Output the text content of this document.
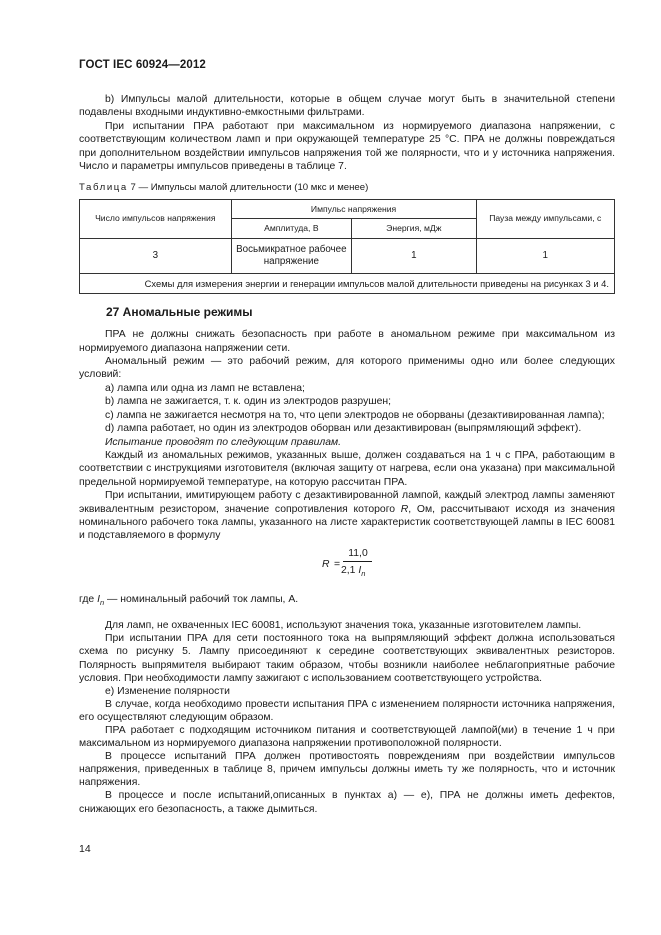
ГОСТ IEC 60924—2012

b) Импульсы малой длительности, которые в общем случае могут быть в значительной степени подавлены входными индуктивно-емкостными фильтрами.

При испытании ПРА работают при максимальном из нормируемого диапазона напряжении, с соответствующим количеством ламп и при окружающей температуре 25 °С. ПРА не должны повреждаться при дополнительном воздействии импульсов напряжения той же полярности, что и у источника напряжения. Число и параметры импульсов приведены в таблице 7.

Таблица 7 — Импульсы малой длительности (10 мкс и менее)
Число импульсов напряжения	Импульс напряжения		Пауза между импульсами, с
	Амплитуда, В	Энергия, мДж	
3	Восьмикратное рабочее напряжение	1	1
Схемы для измерения энергии и генерации импульсов малой длительности приведены на рисунках 3 и 4.			
27 Аномальные режимы

ПРА не должны снижать безопасность при работе в аномальном режиме при максимальном из нормируемого диапазона напряжении сети.

Аномальный режим — это рабочий режим, для которого применимы одно или более следующих условий:

a) лампа или одна из ламп не вставлена;

b) лампа не зажигается, т. к. один из электродов разрушен;

c) лампа не зажигается несмотря на то, что цепи электродов не оборваны (дезактивированная лампа);

d) лампа работает, но один из электродов оборван или дезактивирован (выпрямляющий эффект).

Испытание проводят по следующим правилам.

Каждый из аномальных режимов, указанных выше, должен создаваться на 1 ч с ПРА, работающим в соответствии с инструкциями изготовителя (включая защиту от нагрева, если она указана) при максимальной предельной нормируемой температуре, на которую рассчитан ПРА.

При испытании, имитирующем работу с дезактивированной лампой, каждый электрод лампы заменяют эквивалентным резистором, значение сопротивления которого R, Ом, рассчитывают исходя из значения номинального рабочего тока лампы, указанного на листе характеристик соответствующей лампы в IEC 60081 и подставляемого в формулу

R =
11,0
2,1 $I_n$

где $I_n$ — номинальный рабочий ток лампы, А.

Для ламп, не охваченных IEC 60081, используют значения тока, указанные изготовителем лампы.

При испытании ПРА для сети постоянного тока на выпрямляющий эффект должна использоваться схема по рисунку 5. Лампу присоединяют к середине соответствующих эквивалентных резисторов. Полярность выпрямителя выбирают таким образом, чтобы возникли наиболее неблагоприятные рабочие условия. При необходимости лампу зажигают с использованием соответствующего устройства.

e) Изменение полярности

В случае, когда необходимо провести испытания ПРА с изменением полярности источника напряжения, его осуществляют следующим образом.

ПРА работает с подходящим источником питания и соответствующей лампой(ми) в течение 1 ч при максимальном из нормируемого диапазона напряжении противоположной полярности.

В процессе испытаний ПРА должен противостоять повреждениям при воздействии импульсов напряжения, приведенных в таблице 8, причем импульсы должны иметь ту же полярность, что и источник напряжения.

В процессе и после испытаний,описанных в пунктах а) — е), ПРА не должны иметь дефектов, снижающих его безопасность, а также дымиться.

14
